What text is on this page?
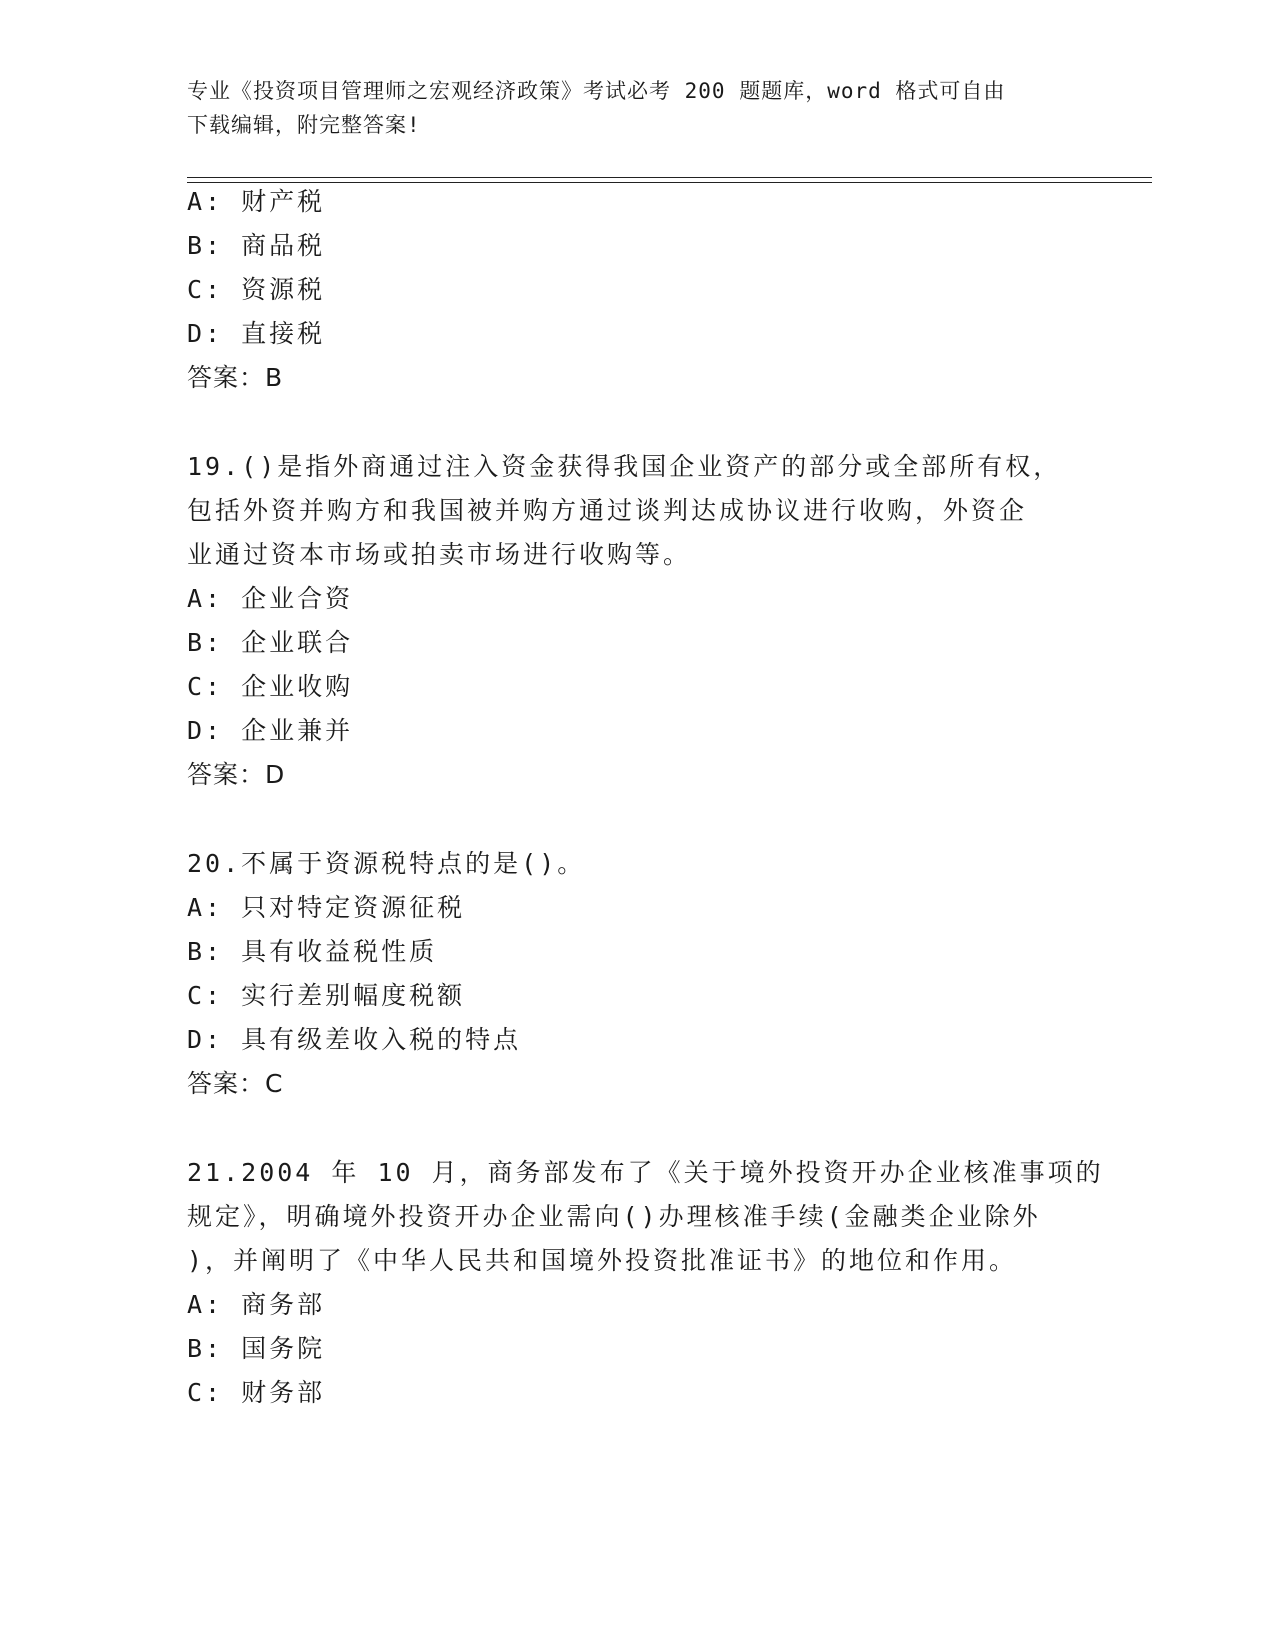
专业《投资项目管理师之宏观经济政策》考试必考 200 题题库，word 格式可自由
下载编辑，附完整答案!
A: 财产税
B: 商品税
C: 资源税
D: 直接税
答案：B
19.()是指外商通过注入资金获得我国企业资产的部分或全部所有权，
包括外资并购方和我国被并购方通过谈判达成协议进行收购，外资企
业通过资本市场或拍卖市场进行收购等。
A: 企业合资
B: 企业联合
C: 企业收购
D: 企业兼并
答案：D
20.不属于资源税特点的是()。
A: 只对特定资源征税
B: 具有收益税性质
C: 实行差别幅度税额
D: 具有级差收入税的特点
答案：C
21.2004 年 10 月，商务部发布了《关于境外投资开办企业核准事项的
规定》，明确境外投资开办企业需向()办理核准手续(金融类企业除外
)，并阐明了《中华人民共和国境外投资批准证书》的地位和作用。
A: 商务部
B: 国务院
C: 财务部
